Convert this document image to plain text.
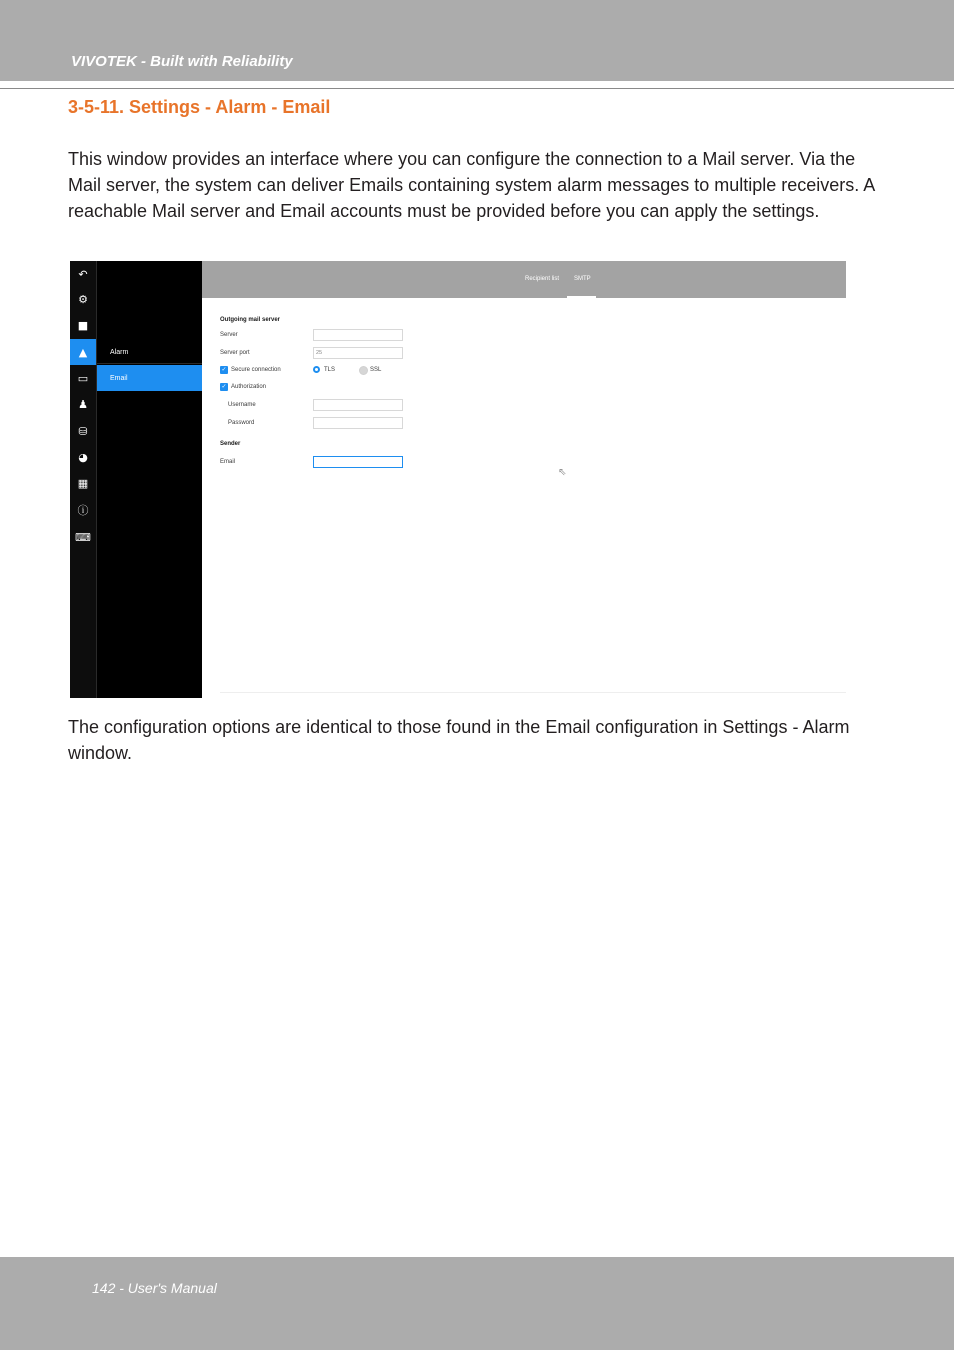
VIVOTEK - Built with Reliability
3-5-11. Settings - Alarm - Email
This window provides an interface where you can configure the connection to a Mail server. Via the Mail server, the system can deliver Emails containing system alarm messages to multiple receivers. A reachable Mail server and Email accounts must be provided before you can apply the settings.
↶
⚙
■
▲
▭
♟
⛁
◕
▦
ⓘ
⌨
Alarm
Email
Recipient list SMTP
Outgoing mail server
Server
Server port	25
✓ Secure connection	TLS	SSL
✓ Authorization
Username
Password
Sender
Email
⇖
The configuration options are identical to those found in the Email configuration in Settings - Alarm window.
142 - User's Manual
